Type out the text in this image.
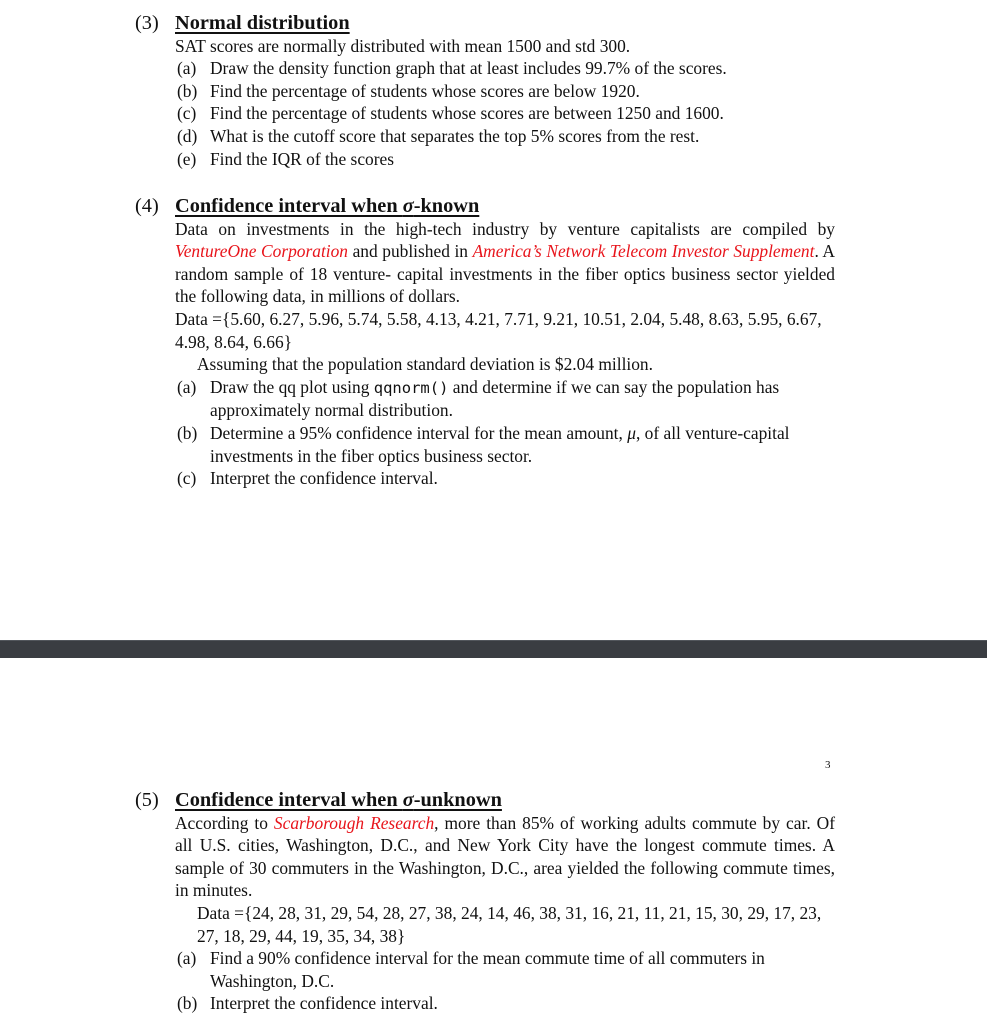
(3) Normal distribution

SAT scores are normally distributed with mean 1500 and std 300.

(a) Draw the density function graph that at least includes 99.7% of the scores.
(b) Find the percentage of students whose scores are below 1920.
(c) Find the percentage of students whose scores are between 1250 and 1600.
(d) What is the cutoff score that separates the top 5% scores from the rest.
(e) Find the IQR of the scores
(4) Confidence interval when σ-known

Data on investments in the high-tech industry by venture capitalists are compiled by VentureOne Corporation and published in America’s Network Telecom Investor Supplement. A random sample of 18 venture- capital investments in the fiber optics business sector yielded the following data, in millions of dollars.

Data ={5.60, 6.27, 5.96, 5.74, 5.58, 4.13, 4.21, 7.71, 9.21, 10.51, 2.04, 5.48, 8.63, 5.95, 6.67, 4.98, 8.64, 6.66}

Assuming that the population standard deviation is $2.04 million.

(a) Draw the qq plot using qqnorm() and determine if we can say the population has approximately normal distribution.
(b) Determine a 95% confidence interval for the mean amount, μ, of all venture-capital investments in the fiber optics business sector.
(c) Interpret the confidence interval.
3
(5) Confidence interval when σ-unknown

According to Scarborough Research, more than 85% of working adults commute by car. Of all U.S. cities, Washington, D.C., and New York City have the longest commute times. A sample of 30 commuters in the Washington, D.C., area yielded the following commute times, in minutes.

Data ={24, 28, 31, 29, 54, 28, 27, 38, 24, 14, 46, 38, 31, 16, 21, 11, 21, 15, 30, 29, 17, 23, 27, 18, 29, 44, 19, 35, 34, 38}

(a) Find a 90% confidence interval for the mean commute time of all commuters in Washington, D.C.
(b) Interpret the confidence interval.
